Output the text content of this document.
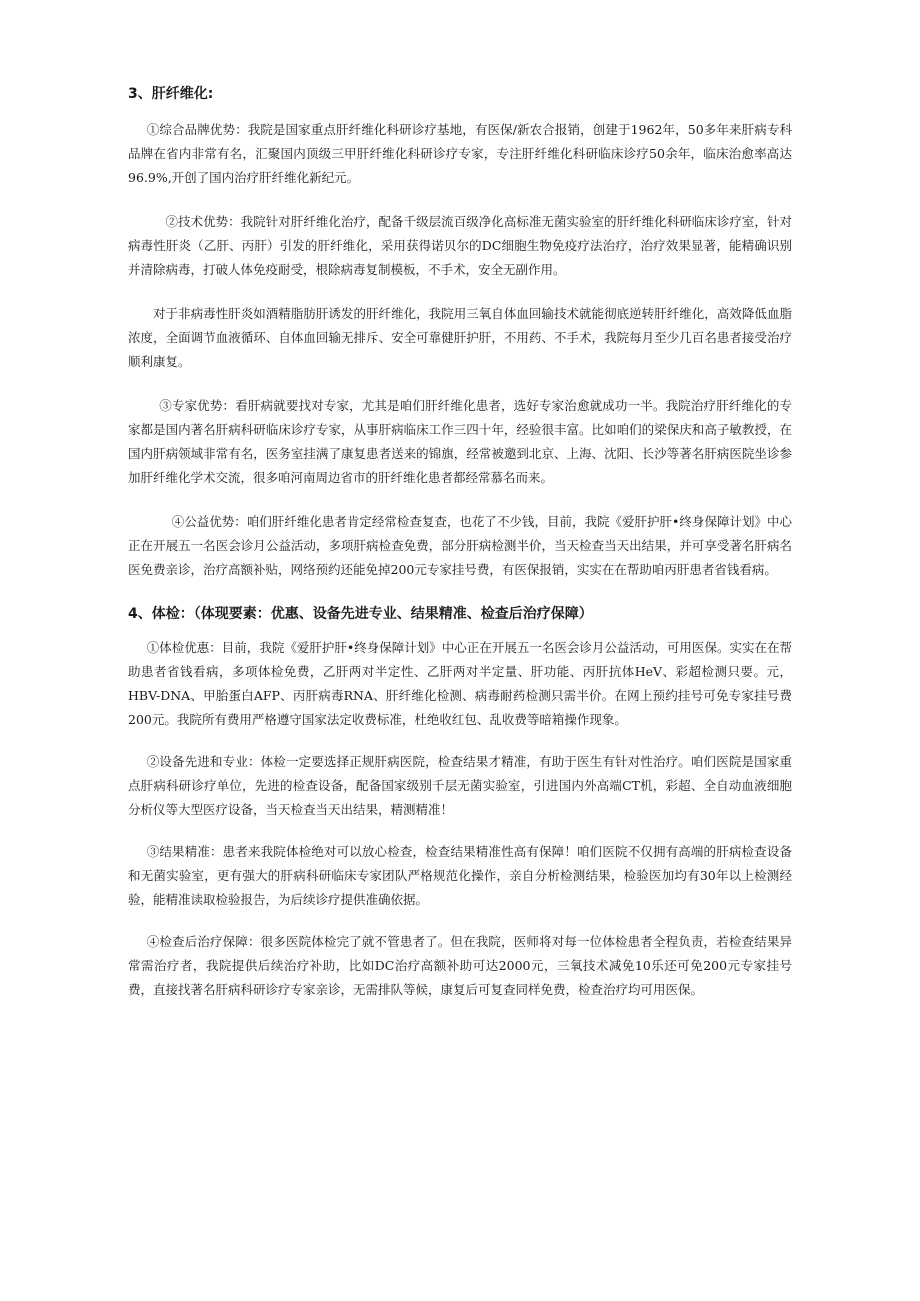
3、肝纤维化:

①综合品牌优势：我院是国家重点肝纤维化科研诊疗基地，有医保/新农合报销，创建于1962年，50多年来肝病专科品牌在省内非常有名，汇聚国内顶级三甲肝纤维化科研诊疗专家，专注肝纤维化科研临床诊疗50余年，临床治愈率高达96.9%,开创了国内治疗肝纤维化新纪元。

②技术优势：我院针对肝纤维化治疗，配备千级层流百级净化高标准无菌实验室的肝纤维化科研临床诊疗室，针对病毒性肝炎（乙肝、丙肝）引发的肝纤维化，采用获得诺贝尔的DC细胞生物免疫疗法治疗，治疗效果显著，能精确识别并清除病毒，打破人体免疫耐受，根除病毒复制模板，不手术，安全无副作用。

对于非病毒性肝炎如酒精脂肪肝诱发的肝纤维化，我院用三氧自体血回输技术就能彻底逆转肝纤维化，高效降低血脂浓度，全面调节血液循环、自体血回输无排斥、安全可靠健肝护肝，不用药、不手术，我院每月至少几百名患者接受治疗顺利康复。

③专家优势：看肝病就要找对专家，尤其是咱们肝纤维化患者，选好专家治愈就成功一半。我院治疗肝纤维化的专家都是国内著名肝病科研临床诊疗专家，从事肝病临床工作三四十年，经验很丰富。比如咱们的梁保庆和高子敏教授，在国内肝病领域非常有名，医务室挂满了康复患者送来的锦旗，经常被邀到北京、上海、沈阳、长沙等著名肝病医院坐诊参加肝纤维化学术交流，很多咱河南周边省市的肝纤维化患者都经常慕名而来。

④公益优势：咱们肝纤维化患者肯定经常检查复查，也花了不少钱，目前，我院《爱肝护肝•终身保障计划》中心正在开展五一名医会诊月公益活动，多项肝病检查免费，部分肝病检测半价，当天检查当天出结果，并可享受著名肝病名医免费亲诊，治疗高额补贴，网络预约还能免掉200元专家挂号费，有医保报销，实实在在帮助咱丙肝患者省钱看病。

4、体检：（体现要素：优惠、设备先进专业、结果精准、检查后治疗保障）

①体检优惠：目前，我院《爱肝护肝•终身保障计划》中心正在开展五一名医会诊月公益活动，可用医保。实实在在帮助患者省钱看病，多项体检免费，乙肝两对半定性、乙肝两对半定量、肝功能、丙肝抗体HeV、彩超检测只要。元，HBV-DNA、甲胎蛋白AFP、丙肝病毒RNA、肝纤维化检测、病毒耐药检测只需半价。在网上预约挂号可免专家挂号费200元。我院所有费用严格遵守国家法定收费标准，杜绝收红包、乱收费等暗箱操作现象。

②设备先进和专业：体检一定要选择正规肝病医院，检查结果才精准，有助于医生有针对性治疗。咱们医院是国家重点肝病科研诊疗单位，先进的检查设备，配备国家级别千层无菌实验室，引进国内外高端CT机，彩超、全自动血液细胞分析仪等大型医疗设备，当天检查当天出结果，精测精准！

③结果精准：患者来我院体检绝对可以放心检查，检查结果精准性高有保障！咱们医院不仅拥有高端的肝病检查设备和无菌实验室，更有强大的肝病科研临床专家团队严格规范化操作，亲自分析检测结果，检验医加均有30年以上检测经验，能精准读取检验报告，为后续诊疗提供准确依据。

④检查后治疗保障：很多医院体检完了就不管患者了。但在我院，医师将对每一位体检患者全程负责，若检查结果异常需治疗者，我院提供后续治疗补助，比如DC治疗高额补助可达2000元，三氧技术减免10乐还可免200元专家挂号费，直接找著名肝病科研诊疗专家亲诊，无需排队等候，康复后可复查同样免费，检查治疗均可用医保。
